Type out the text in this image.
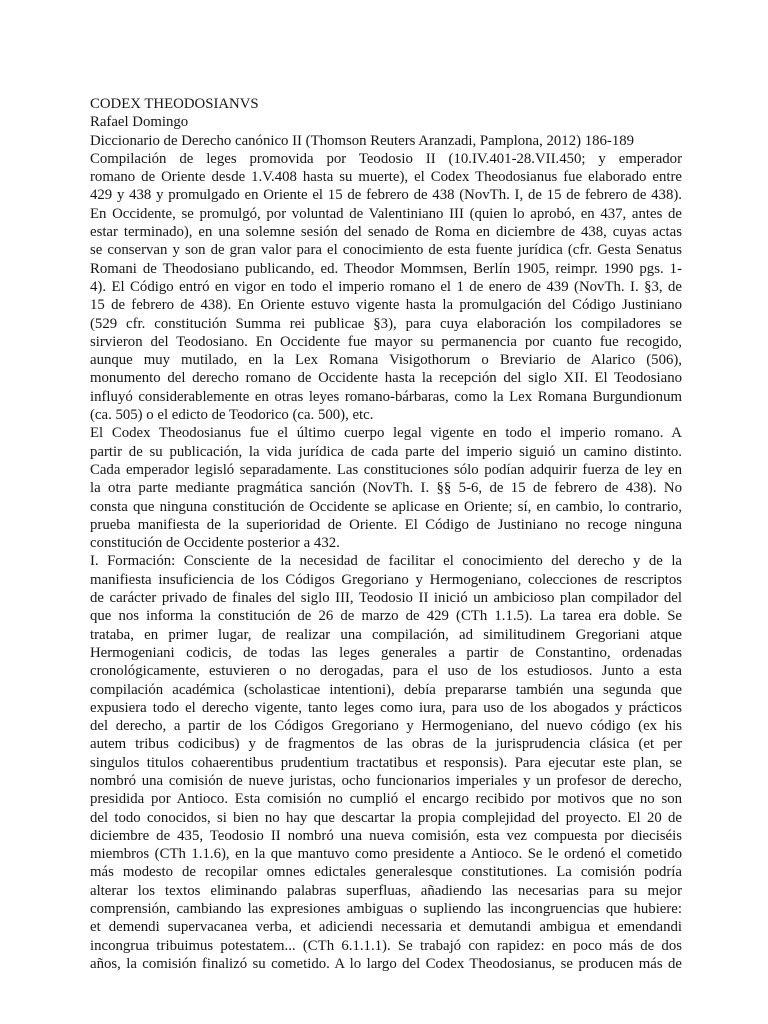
CODEX THEODOSIANVS
Rafael Domingo
Diccionario de Derecho canónico II (Thomson Reuters Aranzadi, Pamplona, 2012) 186-189
Compilación de leges promovida por Teodosio II (10.IV.401-28.VII.450; y emperador
romano de Oriente desde 1.V.408 hasta su muerte), el Codex Theodosianus fue elaborado entre
429 y 438 y promulgado en Oriente el 15 de febrero de 438 (NovTh. I, de 15 de febrero de 438).
En Occidente, se promulgó, por voluntad de Valentiniano III (quien lo aprobó, en 437, antes de
estar terminado), en una solemne sesión del senado de Roma en diciembre de 438, cuyas actas
se conservan y son de gran valor para el conocimiento de esta fuente jurídica (cfr. Gesta Senatus
Romani de Theodosiano publicando, ed. Theodor Mommsen, Berlín 1905, reimpr. 1990 pgs. 1-
4). El Código entró en vigor en todo el imperio romano el 1 de enero de 439 (NovTh. I. §3, de
15 de febrero de 438). En Oriente estuvo vigente hasta la promulgación del Código Justiniano
(529 cfr. constitución Summa rei publicae §3), para cuya elaboración los compiladores se
sirvieron del Teodosiano. En Occidente fue mayor su permanencia por cuanto fue recogido,
aunque muy mutilado, en la Lex Romana Visigothorum o Breviario de Alarico (506),
monumento del derecho romano de Occidente hasta la recepción del siglo XII. El Teodosiano
influyó considerablemente en otras leyes romano-bárbaras, como la Lex Romana Burgundionum
(ca. 505) o el edicto de Teodorico (ca. 500), etc.
El Codex Theodosianus fue el último cuerpo legal vigente en todo el imperio romano. A
partir de su publicación, la vida jurídica de cada parte del imperio siguió un camino distinto.
Cada emperador legisló separadamente. Las constituciones sólo podían adquirir fuerza de ley en
la otra parte mediante pragmática sanción (NovTh. I. §§ 5-6, de 15 de febrero de 438). No
consta que ninguna constitución de Occidente se aplicase en Oriente; sí, en cambio, lo contrario,
prueba manifiesta de la superioridad de Oriente. El Código de Justiniano no recoge ninguna
constitución de Occidente posterior a 432.
I. Formación: Consciente de la necesidad de facilitar el conocimiento del derecho y de la
manifiesta insuficiencia de los Códigos Gregoriano y Hermogeniano, colecciones de rescriptos
de carácter privado de finales del siglo III, Teodosio II inició un ambicioso plan compilador del
que nos informa la constitución de 26 de marzo de 429 (CTh 1.1.5). La tarea era doble. Se
trataba, en primer lugar, de realizar una compilación, ad similitudinem Gregoriani atque
Hermogeniani codicis, de todas las leges generales a partir de Constantino, ordenadas
cronológicamente, estuvieren o no derogadas, para el uso de los estudiosos. Junto a esta
compilación académica (scholasticae intentioni), debía prepararse también una segunda que
expusiera todo el derecho vigente, tanto leges como iura, para uso de los abogados y prácticos
del derecho, a partir de los Códigos Gregoriano y Hermogeniano, del nuevo código (ex his
autem tribus codicibus) y de fragmentos de las obras de la jurisprudencia clásica (et per
singulos titulos cohaerentibus prudentium tractatibus et responsis). Para ejecutar este plan, se
nombró una comisión de nueve juristas, ocho funcionarios imperiales y un profesor de derecho,
presidida por Antioco. Esta comisión no cumplió el encargo recibido por motivos que no son
del todo conocidos, si bien no hay que descartar la propia complejidad del proyecto. El 20 de
diciembre de 435, Teodosio II nombró una nueva comisión, esta vez compuesta por dieciséis
miembros (CTh 1.1.6), en la que mantuvo como presidente a Antioco. Se le ordenó el cometido
más modesto de recopilar omnes edictales generalesque constitutiones. La comisión podría
alterar los textos eliminando palabras superfluas, añadiendo las necesarias para su mejor
comprensión, cambiando las expresiones ambiguas o supliendo las incongruencias que hubiere:
et demendi supervacanea verba, et adiciendi necessaria et demutandi ambigua et emendandi
incongrua tribuimus potestatem... (CTh 6.1.1.1). Se trabajó con rapidez: en poco más de dos
años, la comisión finalizó su cometido. A lo largo del Codex Theodosianus, se producen más de
